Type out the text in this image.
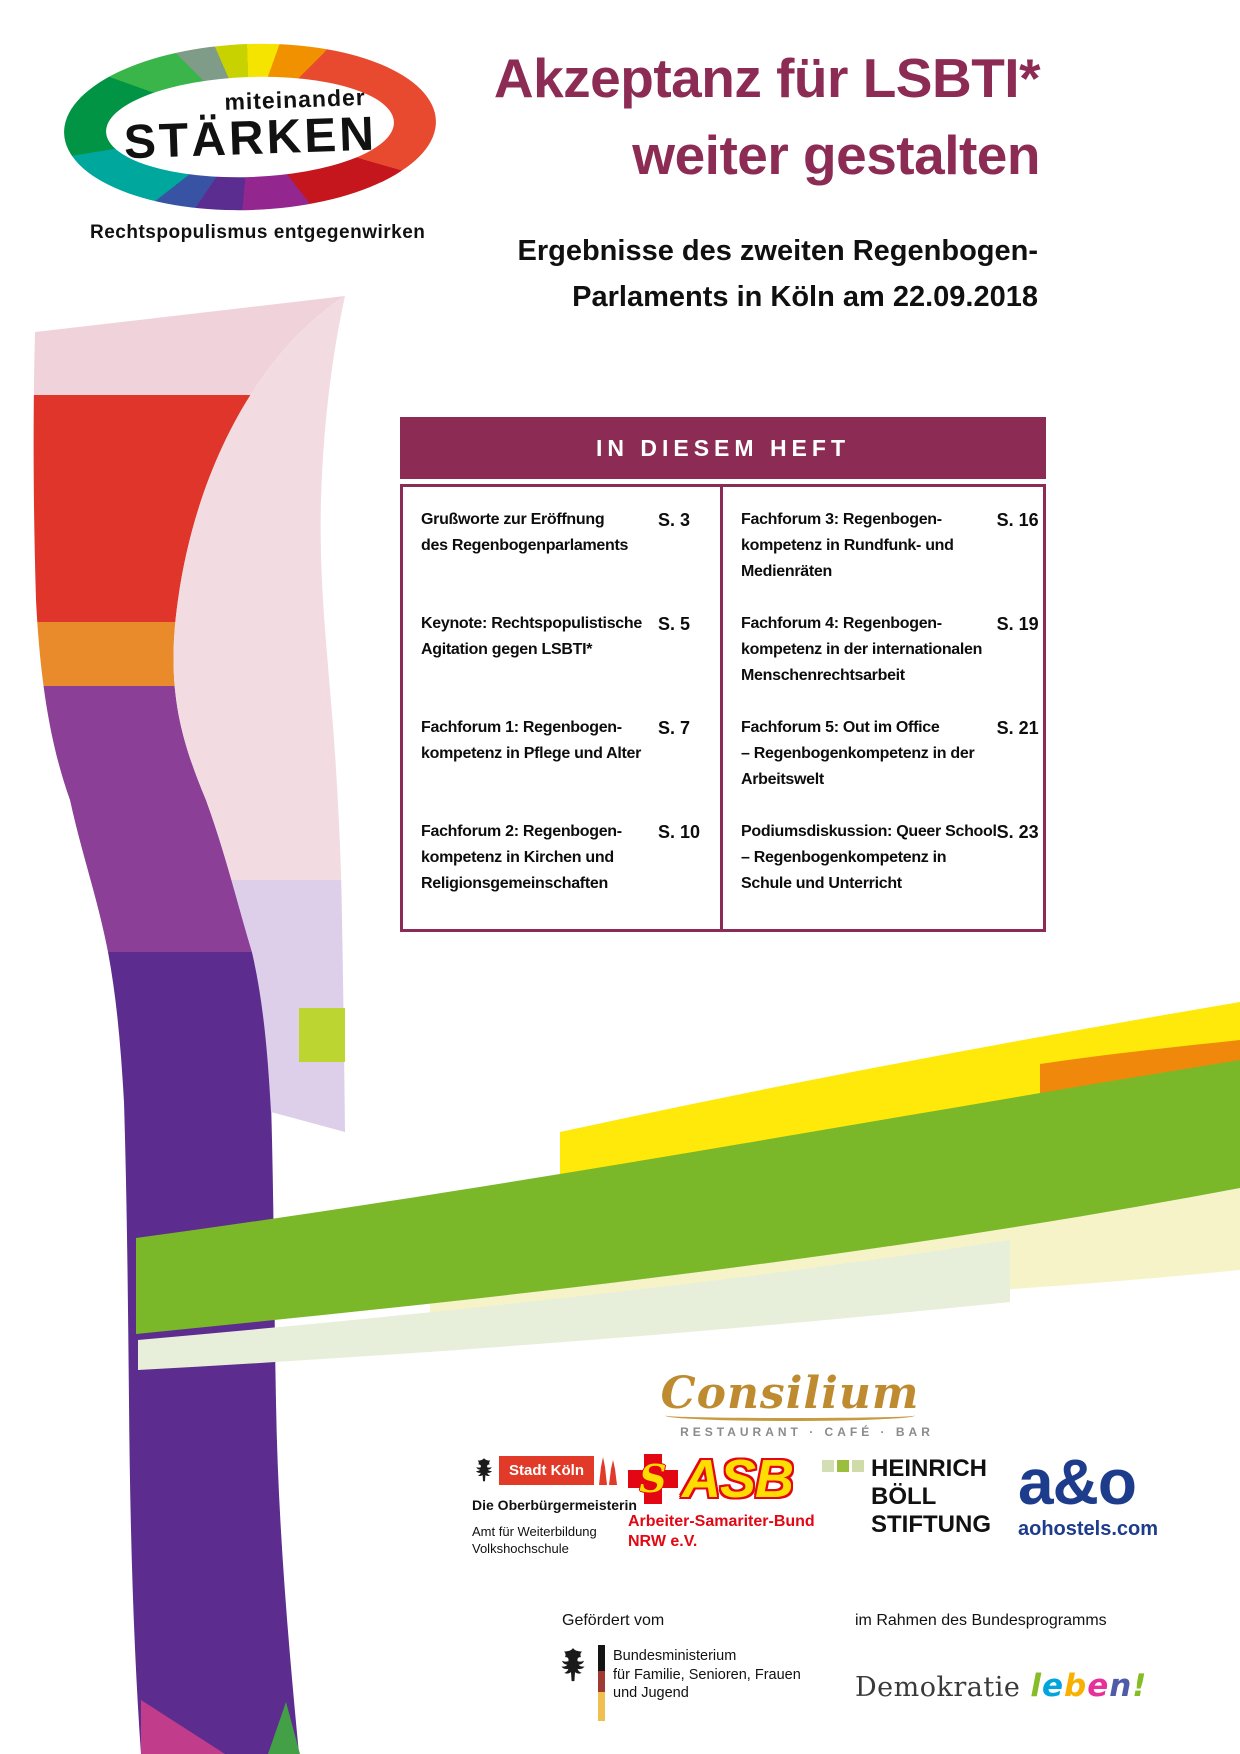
miteinander
STÄRKEN
Rechtspopulismus entgegenwirken
Akzeptanz für LSBTI*
weiter gestalten
Ergebnisse des zweiten Regenbogen-
Parlaments in Köln am 22.09.2018
IN DIESEM HEFT
Grußworte zur Eröffnung
des Regenbogenparlaments
S. 3
Keynote: Rechtspopulistische
Agitation gegen LSBTI*
S. 5
Fachforum 1: Regenbogen-
kompetenz in Pflege und Alter
S. 7
Fachforum 2: Regenbogen-
kompetenz in Kirchen und
Religionsgemeinschaften
S. 10
Fachforum 3: Regenbogen-
kompetenz in Rundfunk- und
Medienräten
S. 16
Fachforum 4: Regenbogen-
kompetenz in der internationalen
Menschenrechtsarbeit
S. 19
Fachforum 5: Out im Office
– Regenbogenkompetenz in der
Arbeitswelt
S. 21
Podiumsdiskussion: Queer School
– Regenbogenkompetenz in
Schule und Unterricht
S. 23
Consilium
RESTAURANT · CAFÉ · BAR
Stadt Köln
Die Oberbürgermeisterin
Amt für Weiterbildung
Volkshochschule
S ASB
Arbeiter-Samariter-Bund
NRW e.V.
HEINRICH
BÖLL
STIFTUNG
a&o
aohostels.com
Gefördert vom	im Rahmen des Bundesprogramms
Bundesministerium
für Familie, Senioren, Frauen
und Jugend	Demokratie leben!
